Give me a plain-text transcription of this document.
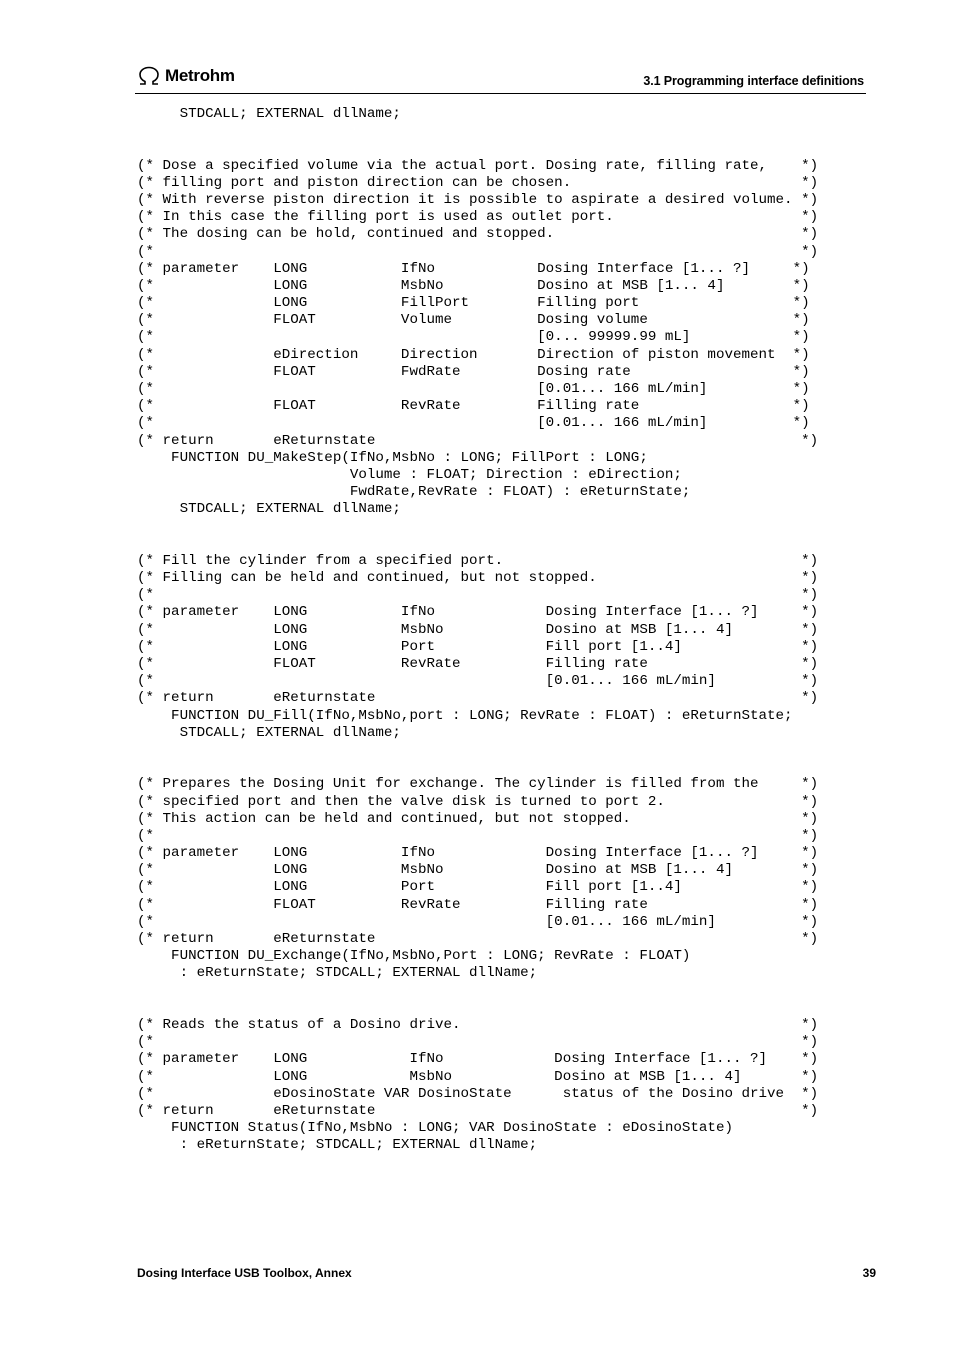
Metrohm	3.1 Programming interface definitions
STDCALL; EXTERNAL dllName;
(* Dose a specified volume via the actual port. Dosing rate, filling rate,    *)
(* filling port and piston direction can be chosen.                           *)
(* With reverse piston direction it is possible to aspirate a desired volume. *)
(* In this case the filling port is used as outlet port.                      *)
(* The dosing can be hold, continued and stopped.                             *)
(*                                                                            *)
(* parameter    LONG           IfNo            Dosing Interface [1... ?]     *)
(*              LONG           MsbNo           Dosino at MSB [1... 4]        *)
(*              LONG           FillPort        Filling port                  *)
(*              FLOAT          Volume          Dosing volume                 *)
(*                                             [0... 99999.99 mL]            *)
(*              eDirection     Direction       Direction of piston movement  *)
(*              FLOAT          FwdRate         Dosing rate                   *)
(*                                             [0.01... 166 mL/min]          *)
(*              FLOAT          RevRate         Filling rate                  *)
(*                                             [0.01... 166 mL/min]          *)
(* return       eReturnstate                                                  *)
FUNCTION DU_MakeStep(IfNo,MsbNo : LONG; FillPort : LONG;
Volume : FLOAT; Direction : eDirection;
FwdRate,RevRate : FLOAT) : eReturnState;
STDCALL; EXTERNAL dllName;
(* Fill the cylinder from a specified port.                                   *)
(* Filling can be held and continued, but not stopped.                        *)
(*                                                                            *)
(* parameter    LONG           IfNo             Dosing Interface [1... ?]     *)
(*              LONG           MsbNo            Dosino at MSB [1... 4]        *)
(*              LONG           Port             Fill port [1..4]              *)
(*              FLOAT          RevRate          Filling rate                  *)
(*                                              [0.01... 166 mL/min]          *)
(* return       eReturnstate                                                  *)
FUNCTION DU_Fill(IfNo,MsbNo,port : LONG; RevRate : FLOAT) : eReturnState;
STDCALL; EXTERNAL dllName;
(* Prepares the Dosing Unit for exchange. The cylinder is filled from the     *)
(* specified port and then the valve disk is turned to port 2.                *)
(* This action can be held and continued, but not stopped.                    *)
(*                                                                            *)
(* parameter    LONG           IfNo             Dosing Interface [1... ?]     *)
(*              LONG           MsbNo            Dosino at MSB [1... 4]        *)
(*              LONG           Port             Fill port [1..4]              *)
(*              FLOAT          RevRate          Filling rate                  *)
(*                                              [0.01... 166 mL/min]          *)
(* return       eReturnstate                                                  *)
FUNCTION DU_Exchange(IfNo,MsbNo,Port : LONG; RevRate : FLOAT)
: eReturnState; STDCALL; EXTERNAL dllName;
(* Reads the status of a Dosino drive.                                        *)
(*                                                                            *)
(* parameter    LONG            IfNo             Dosing Interface [1... ?]    *)
(*              LONG            MsbNo            Dosino at MSB [1... 4]       *)
(*              eDosinoState VAR DosinoState      status of the Dosino drive  *)
(* return       eReturnstate                                                  *)
FUNCTION Status(IfNo,MsbNo : LONG; VAR DosinoState : eDosinoState)
: eReturnState; STDCALL; EXTERNAL dllName;
Dosing Interface USB Toolbox, Annex	39
